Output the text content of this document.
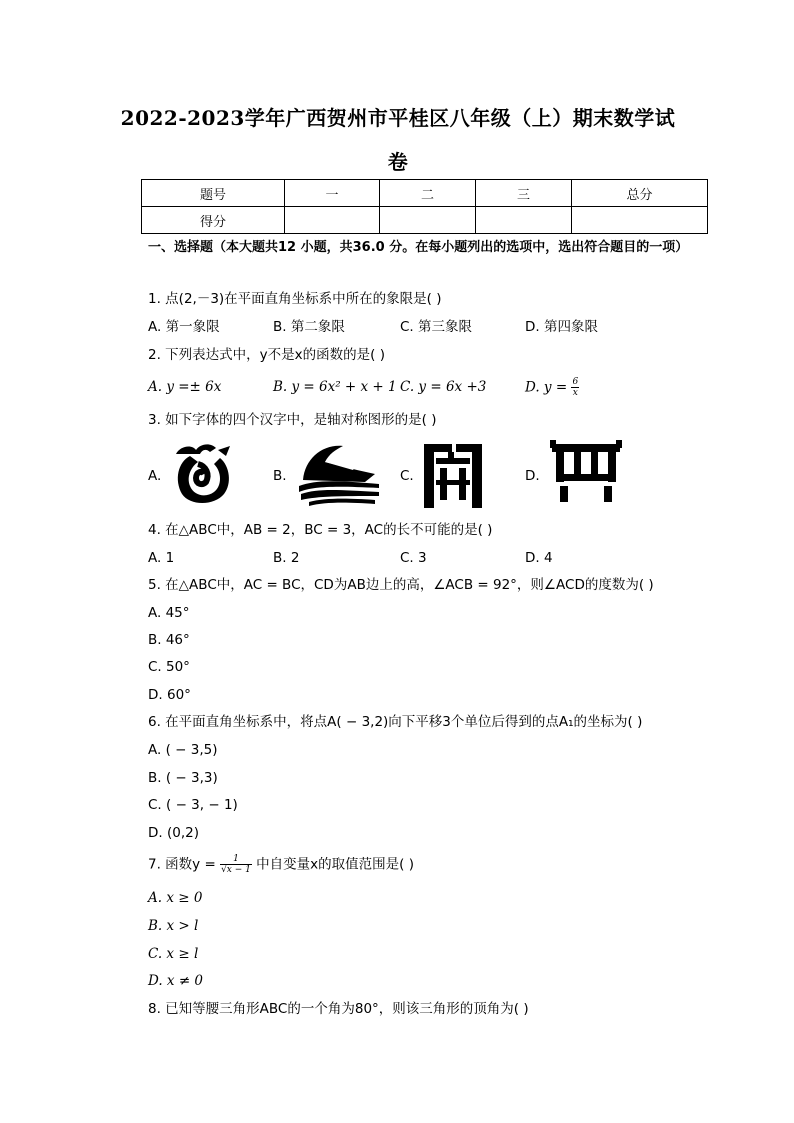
2022-2023学年广西贺州市平桂区八年级（上）期末数学试
卷
题号	一	二	三	总分
得分				
一、选择题（本大题共12 小题，共36.0 分。在每小题列出的选项中，选出符合题目的一项）
1. 点(2,－3)在平面直角坐标系中所在的象限是( )
A. 第一象限	B. 第二象限	C. 第三象限	D. 第四象限
2. 下列表达式中，y不是x的函数的是( )
A. y =± 6x	B. y = 6x² + x + 1 C. y = 6x +3	D. $y = \frac{6}{x}$
3. 如下字体的四个汉字中，是轴对称图形的是( )
A.	B.	C.	D.
4. 在△ABC中，AB = 2，BC = 3，AC的长不可能的是( )
A. 1	B. 2	C. 3	D. 4
5. 在△ABC中，AC = BC，CD为AB边上的高，∠ACB = 92°，则∠ACD的度数为( )
A. 45°
B. 46°
C. 50°
D. 60°
6. 在平面直角坐标系中，将点A( − 3,2)向下平移3个单位后得到的点A₁的坐标为( )
A. ( − 3,5)
B. ( − 3,3)
C. ( − 3, − 1)
D. (0,2)
7. 函数$y = \frac{1}{√x - 1}$ 中自变量x的取值范围是( )
A. x ≥ 0
B. x > l
C. x ≥ l
D. x ≠ 0
8. 已知等腰三角形ABC的一个角为80°，则该三角形的顶角为( )
